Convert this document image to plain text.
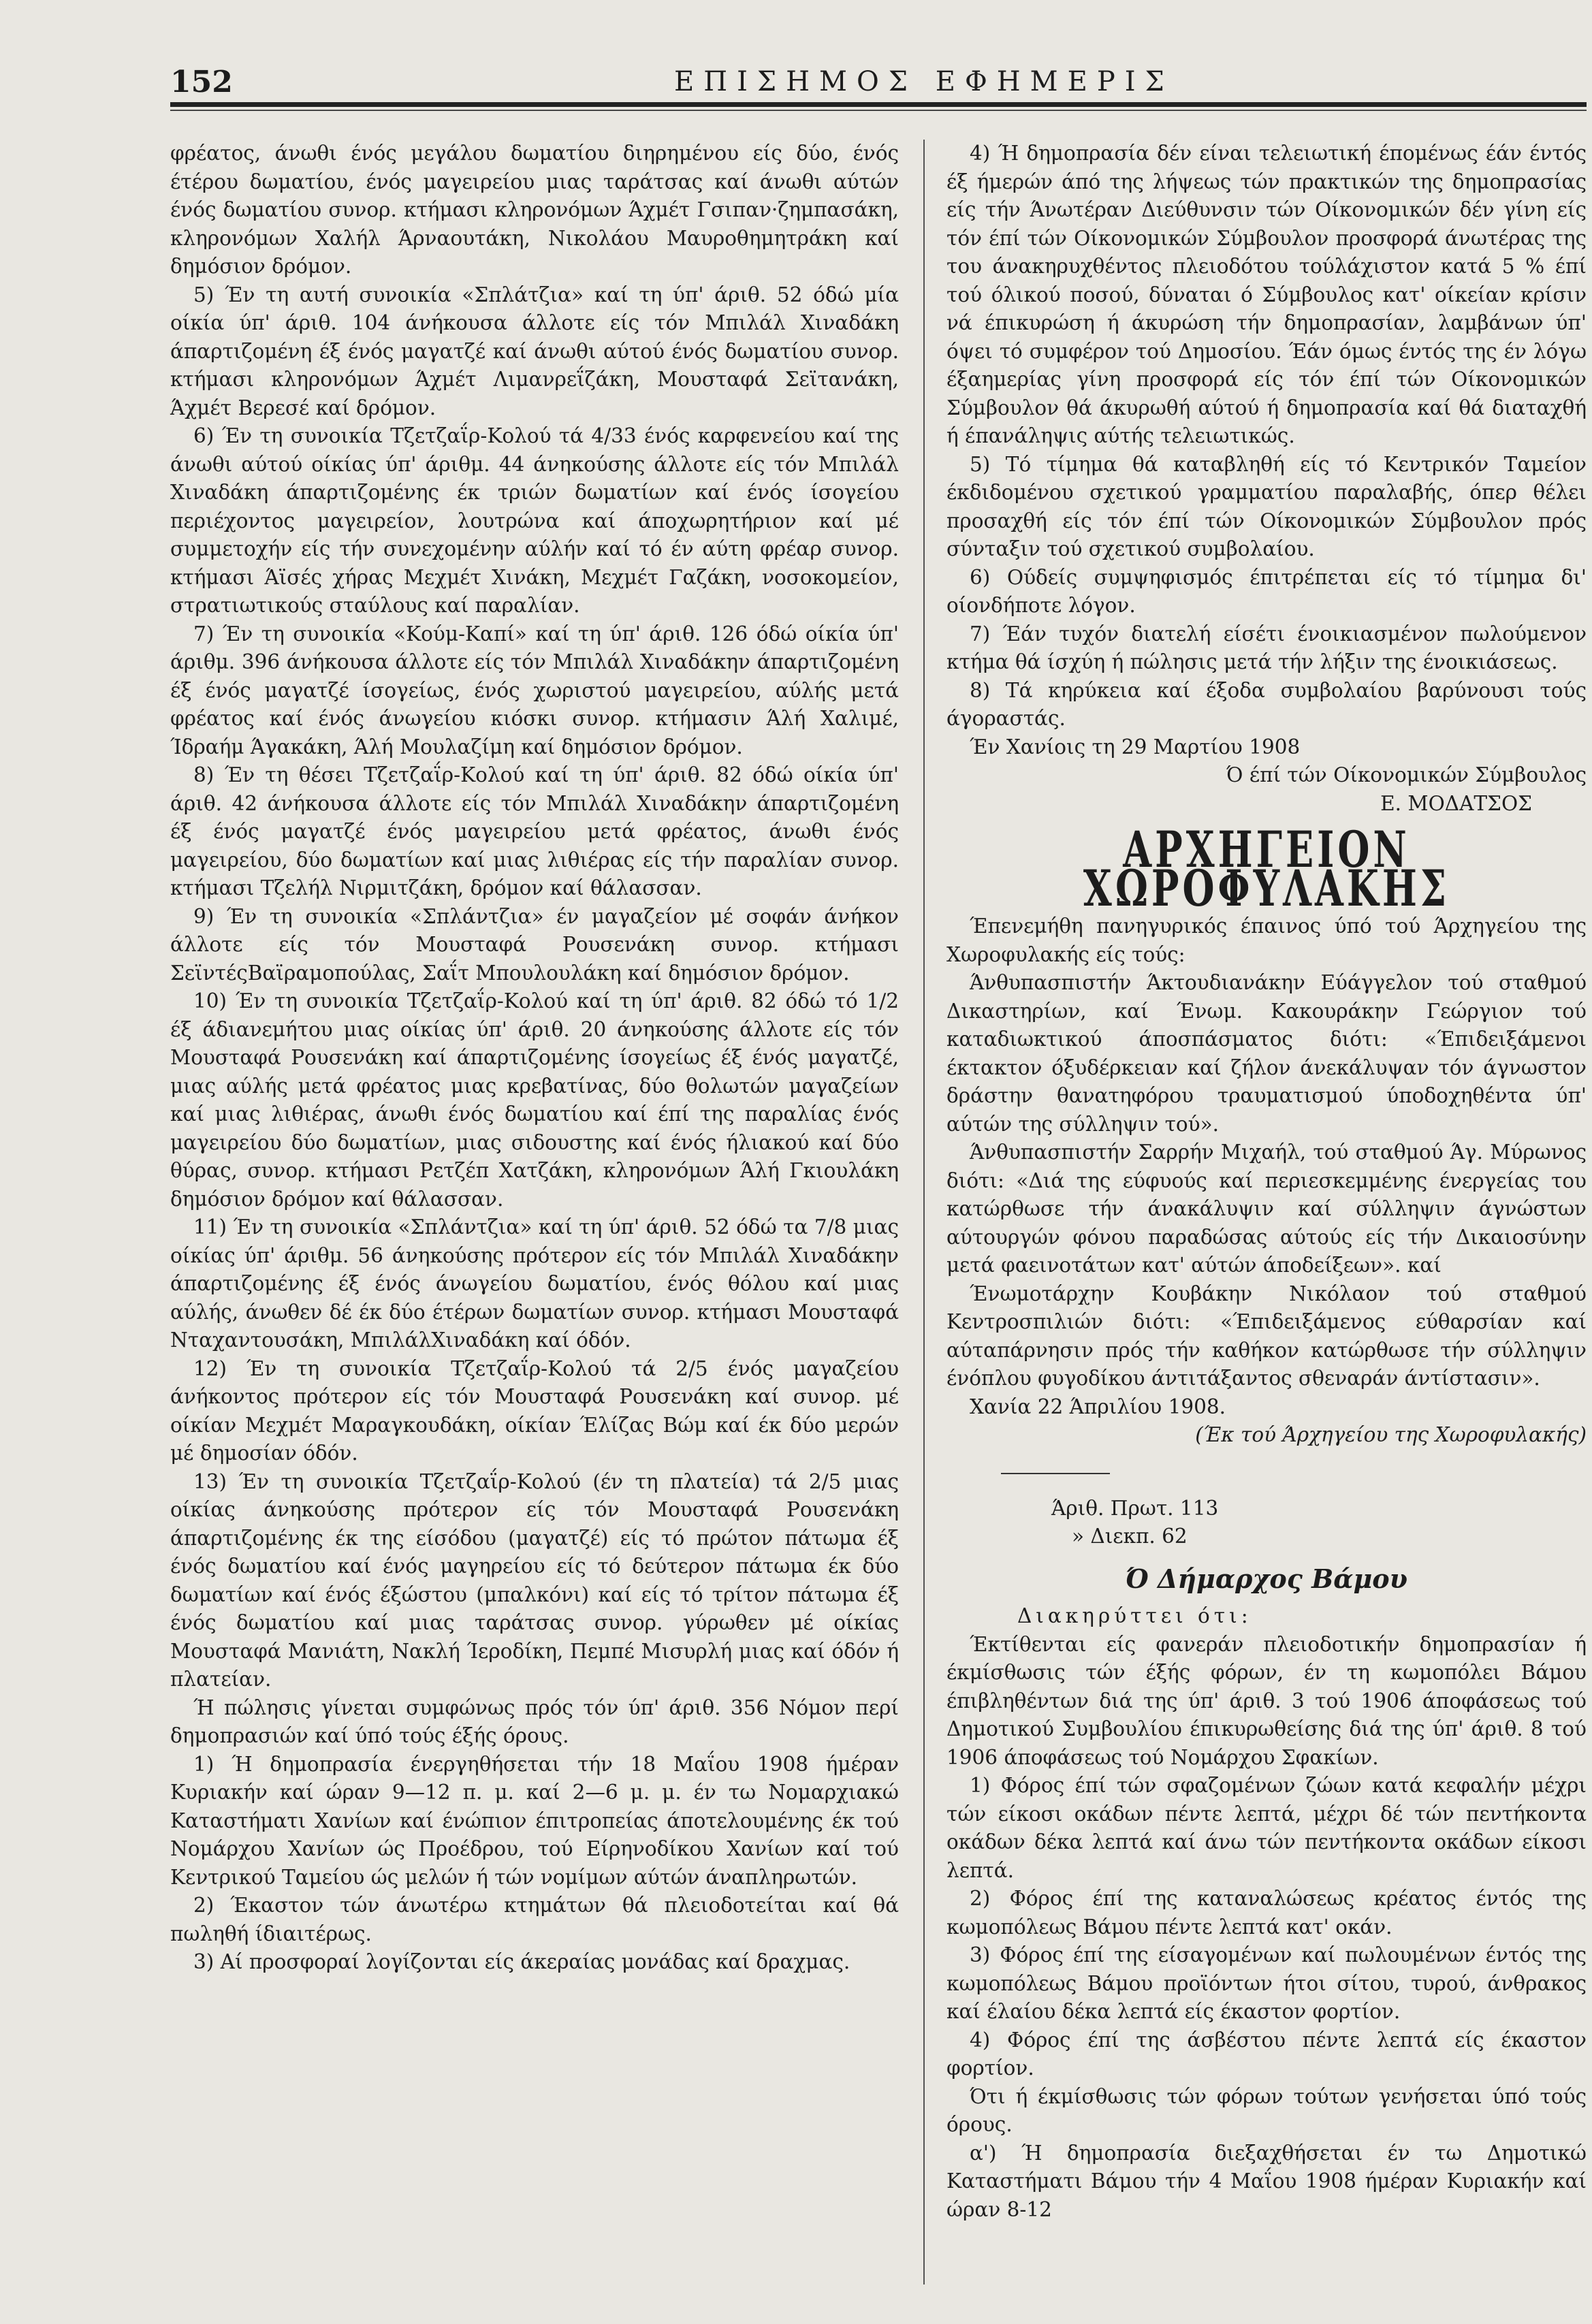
152	ΕΠΙΣΗΜΟΣ ΕΦΗΜΕΡΙΣ

φρέατος, άνωθι ένός μεγάλου δωματίου διηρημένου είς δύο, ένός έτέρου δωματίου, ένός μαγειρείου μιας ταράτσας καί άνωθι αύτών ένός δωματίου συνορ. κτήμασι κληρονόμων Άχμέτ Γσιπαν·ζημπασάκη, κληρονόμων Χαλήλ Άρναουτάκη, Νικολάου Μαυροθημητράκη καί δημόσιον δρόμον.

5) Έν τη αυτή συνοικία «Σπλάτζια» καί τη ύπ' άριθ. 52 όδώ μία οίκία ύπ' άριθ. 104 άνήκουσα άλλοτε είς τόν Μπιλάλ Χιναδάκη άπαρτιζομένη έξ ένός μαγατζέ καί άνωθι αύτού ένός δωματίου συνορ. κτήμασι κληρονόμων Άχμέτ Λιμανρεΐζάκη, Μουσταφά Σεϊτανάκη, Άχμέτ Βερεσέ καί δρόμον.

6) Έν τη συνοικία Τζετζαΐρ-Κολού τά 4/33 ένός καρφενείου καί της άνωθι αύτού οίκίας ύπ' άριθμ. 44 άνηκούσης άλλοτε είς τόν Μπιλάλ Χιναδάκη άπαρτιζομένης έκ τριών δωματίων καί ένός ίσογείου περιέχοντος μαγειρείον, λουτρώνα καί άποχωρητήριον καί μέ συμμετοχήν είς τήν συνεχομένην αύλήν καί τό έν αύτη φρέαρ συνορ. κτήμασι Άϊσές χήρας Μεχμέτ Χινάκη, Μεχμέτ Γαζάκη, νοσοκομείον, στρατιωτικούς σταύλους καί παραλίαν.

7) Έν τη συνοικία «Κούμ-Καπί» καί τη ύπ' άριθ. 126 όδώ οίκία ύπ' άριθμ. 396 άνήκουσα άλλοτε είς τόν Μπιλάλ Χιναδάκην άπαρτιζομένη έξ ένός μαγατζέ ίσογείως, ένός χωριστού μαγειρείου, αύλής μετά φρέατος καί ένός άνωγείου κιόσκι συνορ. κτήμασιν Άλή Χαλιμέ, Ίδραήμ Άγακάκη, Άλή Μουλαζίμη καί δημόσιον δρόμον.

8) Έν τη θέσει Τζετζαΐρ-Κολού καί τη ύπ' άριθ. 82 όδώ οίκία ύπ' άριθ. 42 άνήκουσα άλλοτε είς τόν Μπιλάλ Χιναδάκην άπαρτιζομένη έξ ένός μαγατζέ ένός μαγειρείου μετά φρέατος, άνωθι ένός μαγειρείου, δύο δωματίων καί μιας λιθιέρας είς τήν παραλίαν συνορ. κτήμασι Τζελήλ Νιρμιτζάκη, δρόμον καί θάλασσαν.

9) Έν τη συνοικία «Σπλάντζια» έν μαγαζείον μέ σοφάν άνήκον άλλοτε είς τόν Μουσταφά Ρουσενάκη συνορ. κτήμασι ΣεϊντέςΒαϊραμοπούλας, Σαΐτ Μπουλουλάκη καί δημόσιον δρόμον.

10) Έν τη συνοικία Τζετζαΐρ-Κολού καί τη ύπ' άριθ. 82 όδώ τό 1/2 έξ άδιανεμήτου μιας οίκίας ύπ' άριθ. 20 άνηκούσης άλλοτε είς τόν Μουσταφά Ρουσενάκη καί άπαρτιζομένης ίσογείως έξ ένός μαγατζέ, μιας αύλής μετά φρέατος μιας κρεβατίνας, δύο θολωτών μαγαζείων καί μιας λιθιέρας, άνωθι ένός δωματίου καί έπί της παραλίας ένός μαγειρείου δύο δωματίων, μιας σιδουστης καί ένός ήλιακού καί δύο θύρας, συνορ. κτήμασι Ρετζέπ Χατζάκη, κληρονόμων Άλή Γκιουλάκη δημόσιον δρόμον καί θάλασσαν.

11) Έν τη συνοικία «Σπλάντζια» καί τη ύπ' άριθ. 52 όδώ τα 7/8 μιας οίκίας ύπ' άριθμ. 56 άνηκούσης πρότερον είς τόν Μπιλάλ Χιναδάκην άπαρτιζομένης έξ ένός άνωγείου δωματίου, ένός θόλου καί μιας αύλής, άνωθεν δέ έκ δύο έτέρων δωματίων συνορ. κτήμασι Μουσταφά Νταχαντουσάκη, ΜπιλάλΧιναδάκη καί όδόν.

12) Έν τη συνοικία Τζετζαΐρ-Κολού τά 2/5 ένός μαγαζείου άνήκοντος πρότερον είς τόν Μουσταφά Ρουσενάκη καί συνορ. μέ οίκίαν Μεχμέτ Μαραγκουδάκη, οίκίαν Έλίζας Βώμ καί έκ δύο μερών μέ δημοσίαν όδόν.

13) Έν τη συνοικία Τζετζαΐρ-Κολού (έν τη πλατεία) τά 2/5 μιας οίκίας άνηκούσης πρότερον είς τόν Μουσταφά Ρουσενάκη άπαρτιζομένης έκ της είσόδου (μαγατζέ) είς τό πρώτον πάτωμα έξ ένός δωματίου καί ένός μαγηρείου είς τό δεύτερον πάτωμα έκ δύο δωματίων καί ένός έξώστου (μπαλκόνι) καί είς τό τρίτον πάτωμα έξ ένός δωματίου καί μιας ταράτσας συνορ. γύρωθεν μέ οίκίας Μουσταφά Μανιάτη, Νακλή Ίεροδίκη, Πεμπέ Μισυρλή μιας καί όδόν ή πλατείαν.

Ή πώλησις γίνεται συμφώνως πρός τόν ύπ' άριθ. 356 Νόμον περί δημοπρασιών καί ύπό τούς έξής όρους.

1) Ή δημοπρασία ένεργηθήσεται τήν 18 Μαΐου 1908 ήμέραν Κυριακήν καί ώραν 9—12 π. μ. καί 2—6 μ. μ. έν τω Νομαρχιακώ Καταστήματι Χανίων καί ένώπιον έπιτροπείας άποτελουμένης έκ τού Νομάρχου Χανίων ώς Προέδρου, τού Είρηνοδίκου Χανίων καί τού Κεντρικού Ταμείου ώς μελών ή τών νομίμων αύτών άναπληρωτών.

2) Έκαστον τών άνωτέρω κτημάτων θά πλειοδοτείται καί θά πωληθή ίδιαιτέρως.

3) Αί προσφοραί λογίζονται είς άκεραίας μονάδας καί δραχμας.

4) Ή δημοπρασία δέν είναι τελειωτική έπομένως έάν έντός έξ ήμερών άπό της λήψεως τών πρακτικών της δημοπρασίας είς τήν Άνωτέραν Διεύθυνσιν τών Οίκονομικών δέν γίνη είς τόν έπί τών Οίκονομικών Σύμβουλον προσφορά άνωτέρας της του άνακηρυχθέντος πλειοδότου τούλάχιστον κατά 5 % έπί τού όλικού ποσού, δύναται ό Σύμβουλος κατ' οίκείαν κρίσιν νά έπικυρώση ή άκυρώση τήν δημοπρασίαν, λαμβάνων ύπ' όψει τό συμφέρον τού Δημοσίου. Έάν όμως έντός της έν λόγω έξαημερίας γίνη προσφορά είς τόν έπί τών Οίκονομικών Σύμβουλον θά άκυρωθή αύτού ή δημοπρασία καί θά διαταχθή ή έπανάληψις αύτής τελειωτικώς.

5) Τό τίμημα θά καταβληθή είς τό Κεντρικόν Ταμείον έκδιδομένου σχετικού γραμματίου παραλαβής, όπερ θέλει προσαχθή είς τόν έπί τών Οίκονομικών Σύμβουλον πρός σύνταξιν τού σχετικού συμβολαίου.

6) Ούδείς συμψηφισμός έπιτρέπεται είς τό τίμημα δι' οίονδήποτε λόγον.

7) Έάν τυχόν διατελή είσέτι ένοικιασμένον πωλούμενον κτήμα θά ίσχύη ή πώλησις μετά τήν λήξιν της ένοικιάσεως.

8) Τά κηρύκεια καί έξοδα συμβολαίου βαρύνουσι τούς άγοραστάς.

Έν Χανίοις τη 29 Μαρτίου 1908

Ό έπί τών Οίκονομικών Σύμβουλος

Ε. ΜΟΔΑΤΣΟΣ

ΑΡΧΗΓΕΙΟΝ ΧΩΡΟΦΥΛΑΚΗΣ

Έπενεμήθη πανηγυρικός έπαινος ύπό τού Άρχηγείου της Χωροφυλακής είς τούς:

Άνθυπασπιστήν Άκτουδιανάκην Εύάγγελον τού σταθμού Δικαστηρίων, καί Ένωμ. Κακουράκην Γεώργιον τού καταδιωκτικού άποσπάσματος διότι: «Έπιδειξάμενοι έκτακτον όξυδέρκειαν καί ζήλον άνεκάλυψαν τόν άγνωστον δράστην θανατηφόρου τραυματισμού ύποδοχηθέντα ύπ' αύτών της σύλληψιν τού».

Άνθυπασπιστήν Σαρρήν Μιχαήλ, τού σταθμού Άγ. Μύρωνος διότι: «Διά της εύφυούς καί περιεσκεμμένης ένεργείας του κατώρθωσε τήν άνακάλυψιν καί σύλληψιν άγνώστων αύτουργών φόνου παραδώσας αύτούς είς τήν Δικαιοσύνην μετά φαεινοτάτων κατ' αύτών άποδείξεων». καί

Ένωμοτάρχην Κουβάκην Νικόλαον τού σταθμού Κεντροσπιλιών διότι: «Έπιδειξάμενος εύθαρσίαν καί αύταπάρνησιν πρός τήν καθήκον κατώρθωσε τήν σύλληψιν ένόπλου φυγοδίκου άντιτάξαντος σθεναράν άντίστασιν».

Χανία 22 Άπριλίου 1908.

(Έκ τού Άρχηγείου της Χωροφυλακής)

Άριθ. Πρωτ. 113

» Διεκπ. 62

Ό Δήμαρχος Βάμου

Διακηρύττει ότι:

Έκτίθενται είς φανεράν πλειοδοτικήν δημοπρασίαν ή έκμίσθωσις τών έξής φόρων, έν τη κωμοπόλει Βάμου έπιβληθέντων διά της ύπ' άριθ. 3 τού 1906 άποφάσεως τού Δημοτικού Συμβουλίου έπικυρωθείσης διά της ύπ' άριθ. 8 τού 1906 άποφάσεως τού Νομάρχου Σφακίων.

1) Φόρος έπί τών σφαζομένων ζώων κατά κεφαλήν μέχρι τών είκοσι οκάδων πέντε λεπτά, μέχρι δέ τών πεντήκοντα οκάδων δέκα λεπτά καί άνω τών πεντήκοντα οκάδων είκοσι λεπτά.

2) Φόρος έπί της καταναλώσεως κρέατος έντός της κωμοπόλεως Βάμου πέντε λεπτά κατ' οκάν.

3) Φόρος έπί της είσαγομένων καί πωλουμένων έντός της κωμοπόλεως Βάμου προϊόντων ήτοι σίτου, τυρού, άνθρακος καί έλαίου δέκα λεπτά είς έκαστον φορτίον.

4) Φόρος έπί της άσβέστου πέντε λεπτά είς έκαστον φορτίον.

Ότι ή έκμίσθωσις τών φόρων τούτων γενήσεται ύπό τούς όρους.

α') Ή δημοπρασία διεξαχθήσεται έν τω Δημοτικώ Καταστήματι Βάμου τήν 4 Μαΐου 1908 ήμέραν Κυριακήν καί ώραν 8-12
